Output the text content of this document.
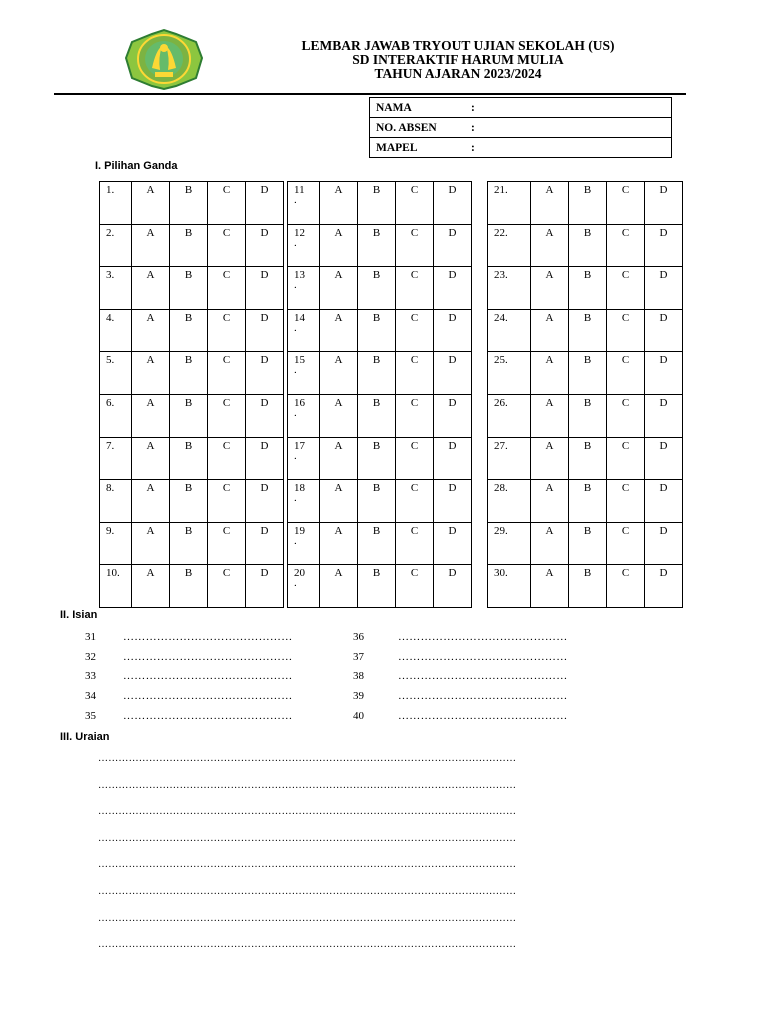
LEMBAR JAWAB TRYOUT UJIAN SEKOLAH (US)
SD INTERAKTIF HARUM MULIA
TAHUN AJARAN 2023/2024
NAMA	:
NO. ABSEN	:
MAPEL	:
I. Pilihan Ganda
1.	A	B	C	D
2.	A	B	C	D
3.	A	B	C	D
4.	A	B	C	D
5.	A	B	C	D
6.	A	B	C	D
7.	A	B	C	D
8.	A	B	C	D
9.	A	B	C	D
10.	A	B	C	D
11
.	A	B	C	D
12
.	A	B	C	D
13
.	A	B	C	D
14
.	A	B	C	D
15
.	A	B	C	D
16
.	A	B	C	D
17
.	A	B	C	D
18
.	A	B	C	D
19
.	A	B	C	D
20
.	A	B	C	D
21.	A	B	C	D
22.	A	B	C	D
23.	A	B	C	D
24.	A	B	C	D
25.	A	B	C	D
26.	A	B	C	D
27.	A	B	C	D
28.	A	B	C	D
29.	A	B	C	D
30.	A	B	C	D
II. Isian
31 ………………………………………	36	………………………………………
32 ………………………………………	37	………………………………………
33 ………………………………………	38	………………………………………
34 ………………………………………	39	………………………………………
35 ………………………………………	40	………………………………………
III. Uraian
……………………………………………………………………………………………………………
……………………………………………………………………………………………………………
……………………………………………………………………………………………………………
……………………………………………………………………………………………………………
……………………………………………………………………………………………………………
……………………………………………………………………………………………………………
……………………………………………………………………………………………………………
……………………………………………………………………………………………………………
